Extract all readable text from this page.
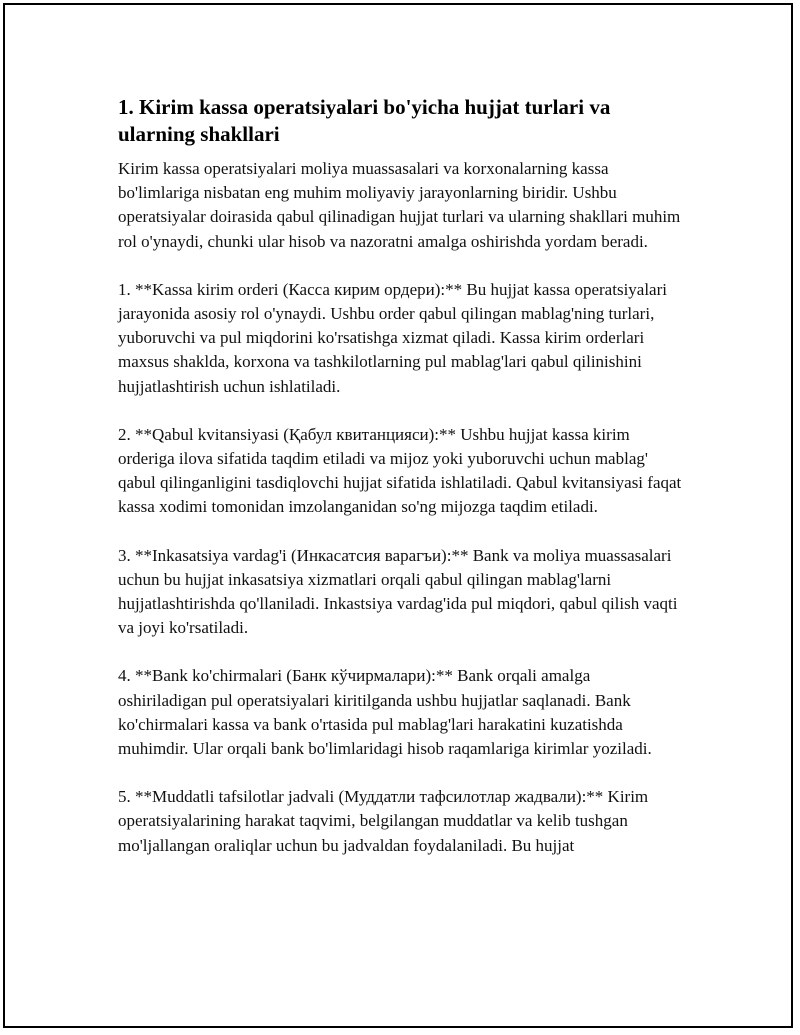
1. Kirim kassa operatsiyalari bo'yicha hujjat turlari va ularning shakllari

Kirim kassa operatsiyalari moliya muassasalari va korxonalarning kassa bo'limlariga nisbatan eng muhim moliyaviy jarayonlarning biridir. Ushbu operatsiyalar doirasida qabul qilinadigan hujjat turlari va ularning shakllari muhim rol o'ynaydi, chunki ular hisob va nazoratni amalga oshirishda yordam beradi.

1. **Kassa kirim orderi (Касса кирим ордери):** Bu hujjat kassa operatsiyalari jarayonida asosiy rol o'ynaydi. Ushbu order qabul qilingan mablag'ning turlari, yuboruvchi va pul miqdorini ko'rsatishga xizmat qiladi. Kassa kirim orderlari maxsus shaklda, korxona va tashkilotlarning pul mablag'lari qabul qilinishini hujjatlashtirish uchun ishlatiladi.

2. **Qabul kvitansiyasi (Қабул квитанцияси):** Ushbu hujjat kassa kirim orderiga ilova sifatida taqdim etiladi va mijoz yoki yuboruvchi uchun mablag' qabul qilinganligini tasdiqlovchi hujjat sifatida ishlatiladi. Qabul kvitansiyasi faqat kassa xodimi tomonidan imzolanganidan so'ng mijozga taqdim etiladi.

3. **Inkasatsiya vardag'i (Инкасатсия варагъи):** Bank va moliya muassasalari uchun bu hujjat inkasatsiya xizmatlari orqali qabul qilingan mablag'larni hujjatlashtirishda qo'llaniladi. Inkastsiya vardag'ida pul miqdori, qabul qilish vaqti va joyi ko'rsatiladi.

4. **Bank ko'chirmalari (Банк кўчирмалари):** Bank orqali amalga oshiriladigan pul operatsiyalari kiritilganda ushbu hujjatlar saqlanadi. Bank ko'chirmalari kassa va bank o'rtasida pul mablag'lari harakatini kuzatishda muhimdir. Ular orqali bank bo'limlaridagi hisob raqamlariga kirimlar yoziladi.

5. **Muddatli tafsilotlar jadvali (Муддатли тафсилотлар жадвали):** Kirim operatsiyalarining harakat taqvimi, belgilangan muddatlar va kelib tushgan mo'ljallangan oraliqlar uchun bu jadvaldan foydalaniladi. Bu hujjat
